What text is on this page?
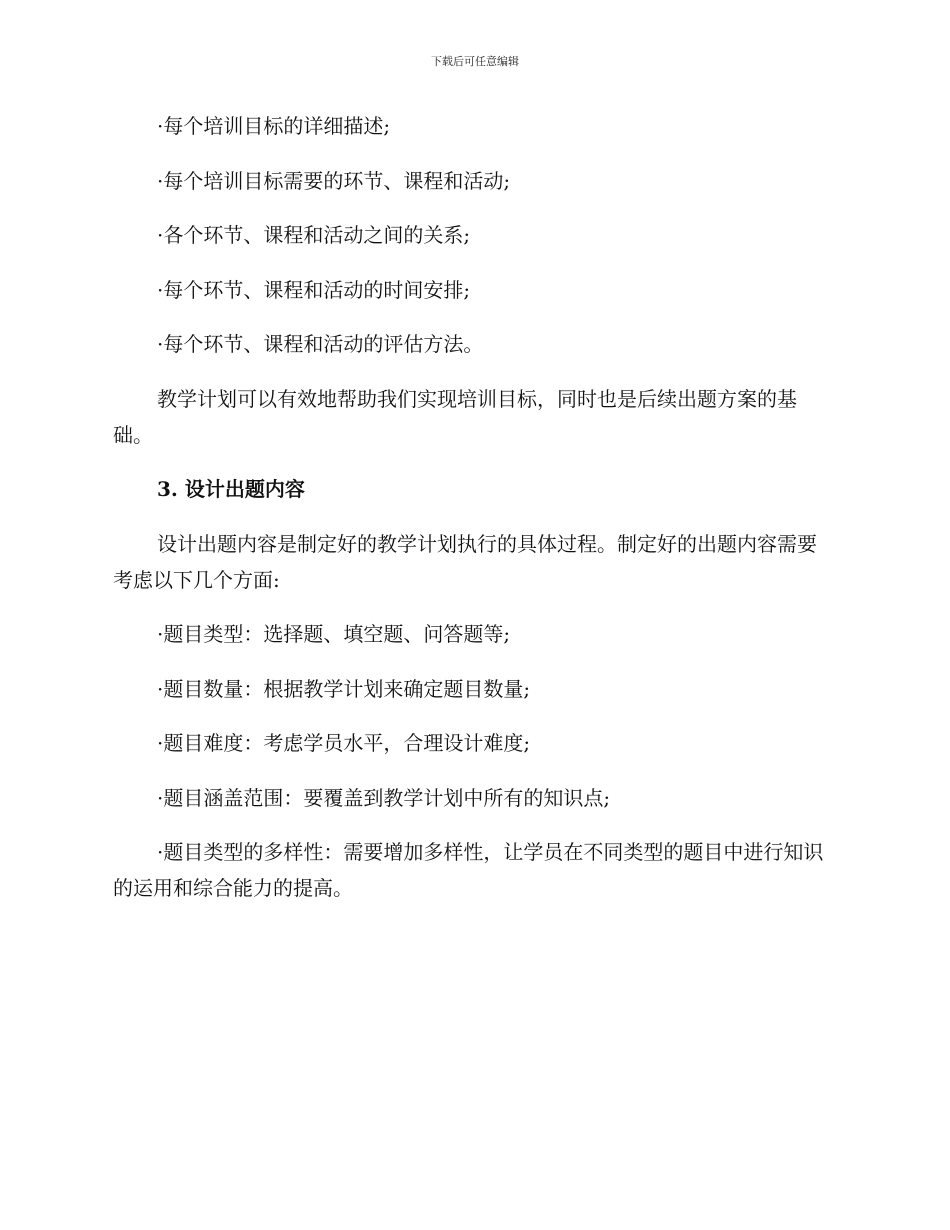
下载后可任意编辑

·每个培训目标的详细描述;

·每个培训目标需要的环节、课程和活动;

·各个环节、课程和活动之间的关系;

·每个环节、课程和活动的时间安排;

·每个环节、课程和活动的评估方法。

教学计划可以有效地帮助我们实现培训目标，同时也是后续出题方案的基础。

3. 设计出题内容

设计出题内容是制定好的教学计划执行的具体过程。制定好的出题内容需要考虑以下几个方面:

·题目类型：选择题、填空题、问答题等;

·题目数量：根据教学计划来确定题目数量;

·题目难度：考虑学员水平，合理设计难度;

·题目涵盖范围：要覆盖到教学计划中所有的知识点;

·题目类型的多样性：需要增加多样性，让学员在不同类型的题目中进行知识的运用和综合能力的提高。
